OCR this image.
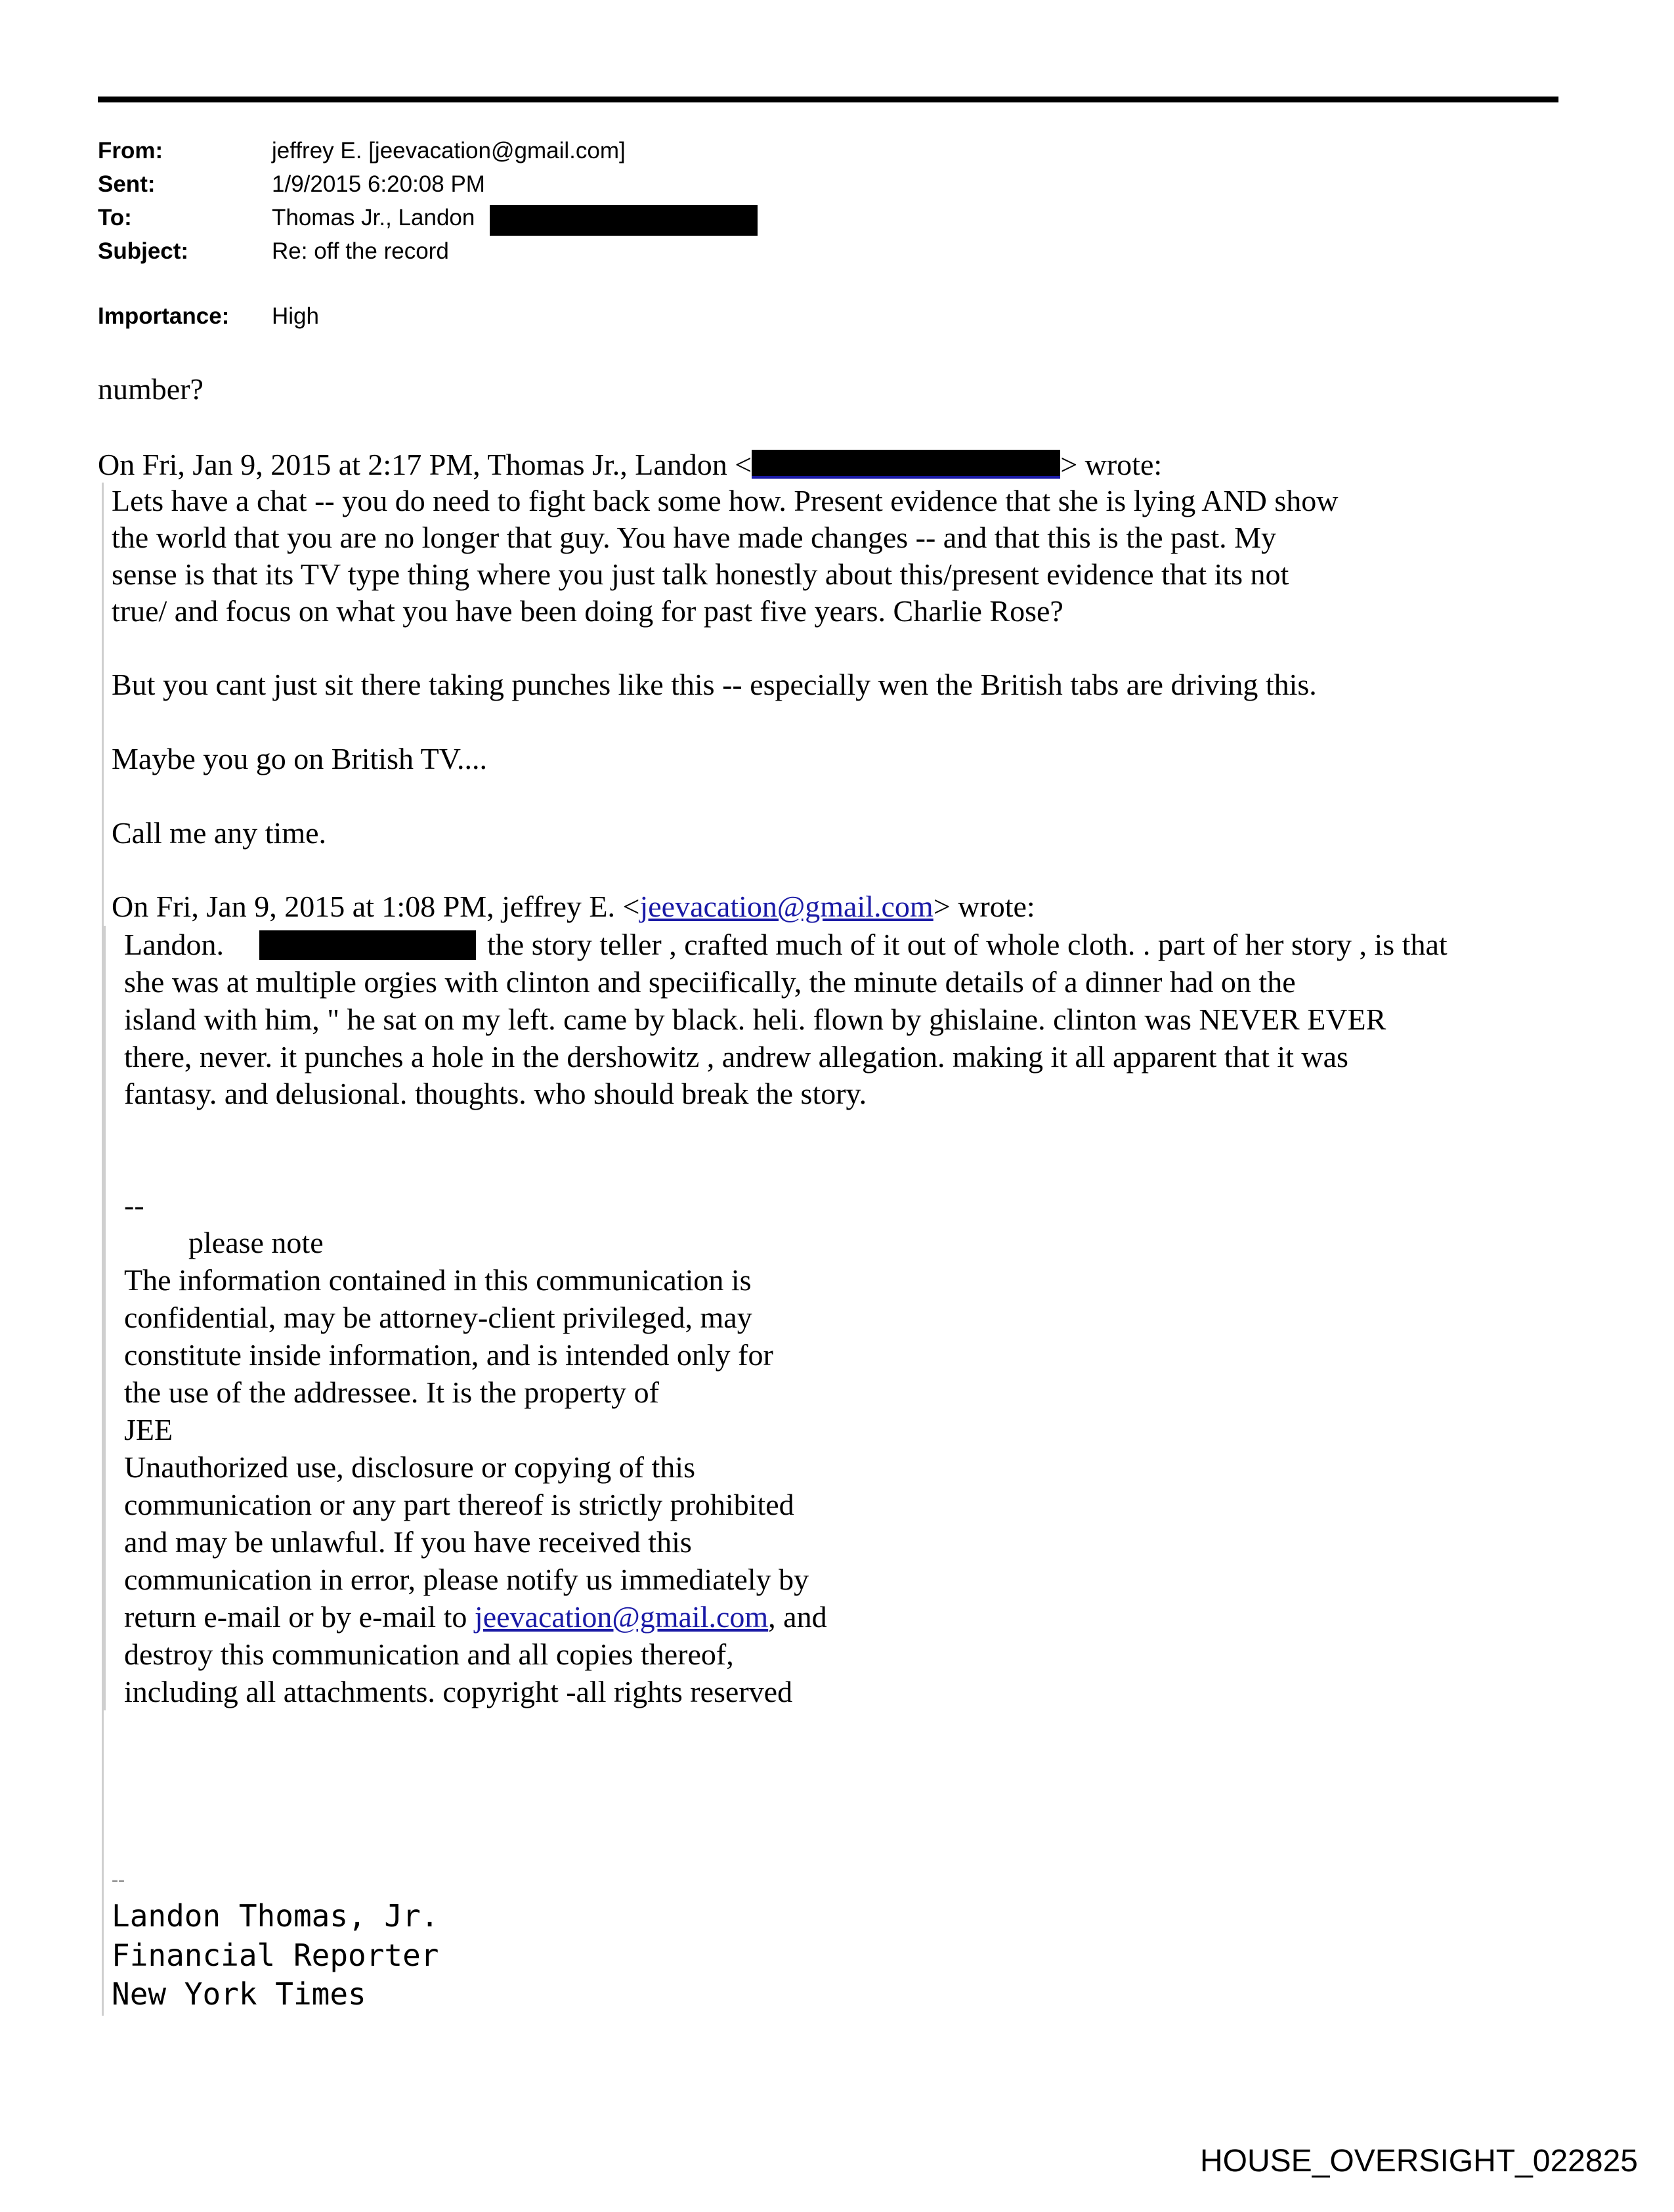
From:	jeffrey E. [jeevacation@gmail.com]
Sent:	1/9/2015 6:20:08 PM
To:	Thomas Jr., Landon
Subject:	Re: off the record
Importance: High
number?
On Fri, Jan 9, 2015 at 2:17 PM, Thomas Jr., Landon <	> wrote:
Lets have a chat -- you do need to fight back some how. Present evidence that she is lying AND show
the world that you are no longer that guy. You have made changes -- and that this is the past. My
sense is that its TV type thing where you just talk honestly about this/present evidence that its not
true/ and focus on what you have been doing for past five years. Charlie Rose?
But you cant just sit there taking punches like this -- especially wen the British tabs are driving this.
Maybe you go on British TV....
Call me any time.
On Fri, Jan 9, 2015 at 1:08 PM, jeffrey E. <jeevacation@gmail.com> wrote:
Landon.	the story teller , crafted much of it out of whole cloth. . part of her story , is that
she was at multiple orgies with clinton and speciifically, the minute details of a dinner had on the
island with him, " he sat on my left. came by black. heli. flown by ghislaine. clinton was NEVER EVER
there, never. it punches a hole in the dershowitz , andrew allegation. making it all apparent that it was
fantasy. and delusional. thoughts. who should break the story.
--
please note
The information contained in this communication is
confidential, may be attorney-client privileged, may
constitute inside information, and is intended only for
the use of the addressee. It is the property of
JEE
Unauthorized use, disclosure or copying of this
communication or any part thereof is strictly prohibited
and may be unlawful. If you have received this
communication in error, please notify us immediately by
return e-mail or by e-mail to jeevacation@gmail.com, and
destroy this communication and all copies thereof,
including all attachments. copyright -all rights reserved
--
Landon Thomas, Jr.
Financial Reporter
New York Times
HOUSE_OVERSIGHT_022825
